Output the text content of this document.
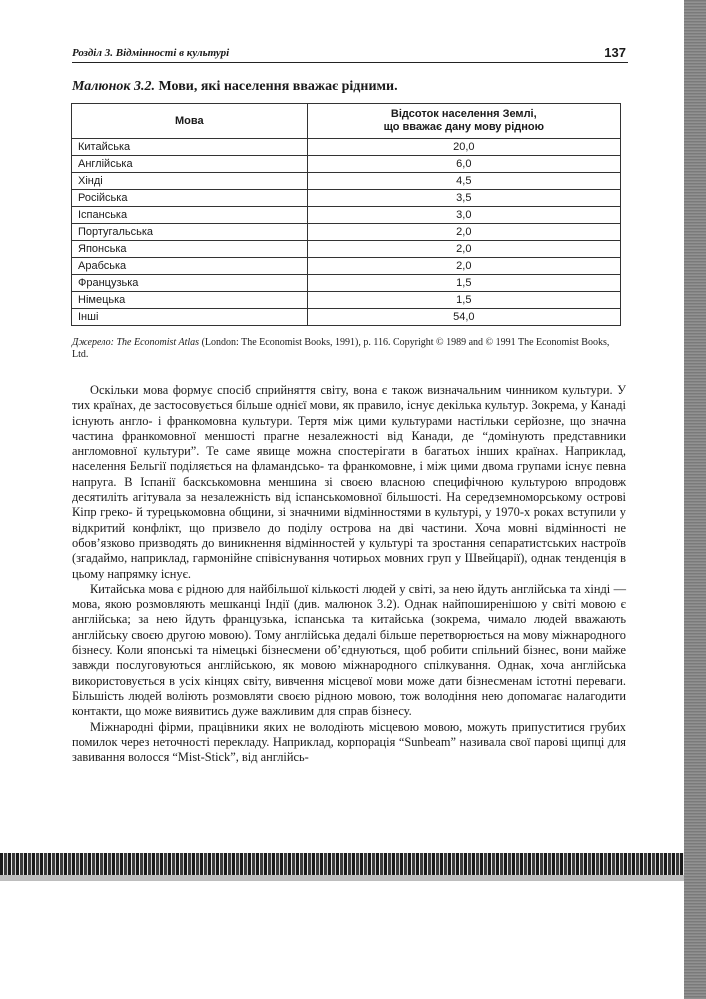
Розділ 3. Відмінності в культурі	137
Малюнок 3.2. Мови, які населення вважає рідними.
Мова	Відсоток населення Землі,
що вважає дану мову рідною

Китайська	20,0
Англійська	6,0
Хінді	4,5
Російська	3,5
Іспанська	3,0
Португальська	2,0
Японська	2,0
Арабська	2,0
Французька	1,5
Німецька	1,5
Інші	54,0
Джерело: The Economist Atlas (London: The Economist Books, 1991), p. 116. Copyright © 1989 and © 1991 The Economist Books, Ltd.

Оскільки мова формує спосіб сприйняття світу, вона є також визначальним чинником культури. У тих країнах, де застосовується більше однієї мови, як правило, існує декілька культур. Зокрема, у Канаді існують англо- і франкомовна культури. Тертя між цими культурами настільки серйозне, що значна частина франкомовної меншості прагне незалежності від Канади, де “домінують представники англомовної культури”. Те саме явище можна спостерігати в багатьох інших країнах. Наприклад, населення Бельгії поділяється на фламандсько- та франкомовне, і між цими двома групами існує певна напруга. В Іспанії баскськомовна меншина зі своєю власною специфічною культурою впродовж десятиліть агітувала за незалежність від іспанськомовної більшості. На середземноморському острові Кіпр греко- й турецькомовна общини, зі значними відмінностями в культурі, у 1970-х роках вступили у відкритий конфлікт, що призвело до поділу острова на дві частини. Хоча мовні відмінності не обов’язково призводять до виникнення відмінностей у культурі та зростання сепаратистських настроїв (згадаймо, наприклад, гармонійне співіснування чотирьох мовних груп у Швейцарії), однак тенденція в цьому напрямку існує.

Китайська мова є рідною для найбільшої кількості людей у світі, за нею йдуть англійська та хінді — мова, якою розмовляють мешканці Індії (див. малюнок 3.2). Однак найпоширенішою у світі мовою є англійська; за нею йдуть французька, іспанська та китайська (зокрема, чимало людей вважають англійську своєю другою мовою). Тому англійська дедалі більше перетворюється на мову міжнародного бізнесу. Коли японські та німецькі бізнесмени об’єднуються, щоб робити спільний бізнес, вони майже завжди послуговуються англійською, як мовою міжнародного спілкування. Однак, хоча англійська використовується в усіх кінцях світу, вивчення місцевої мови може дати бізнесменам істотні переваги. Більшість людей воліють розмовляти своєю рідною мовою, тож володіння нею допомагає налагодити контакти, що може виявитись дуже важливим для справ бізнесу.

Міжнародні фірми, працівники яких не володіють місцевою мовою, можуть припуститися грубих помилок через неточності перекладу. Наприклад, корпорація “Sunbeam” називала свої парові щипці для завивання волосся “Mist-Stick”, від англійсь-
